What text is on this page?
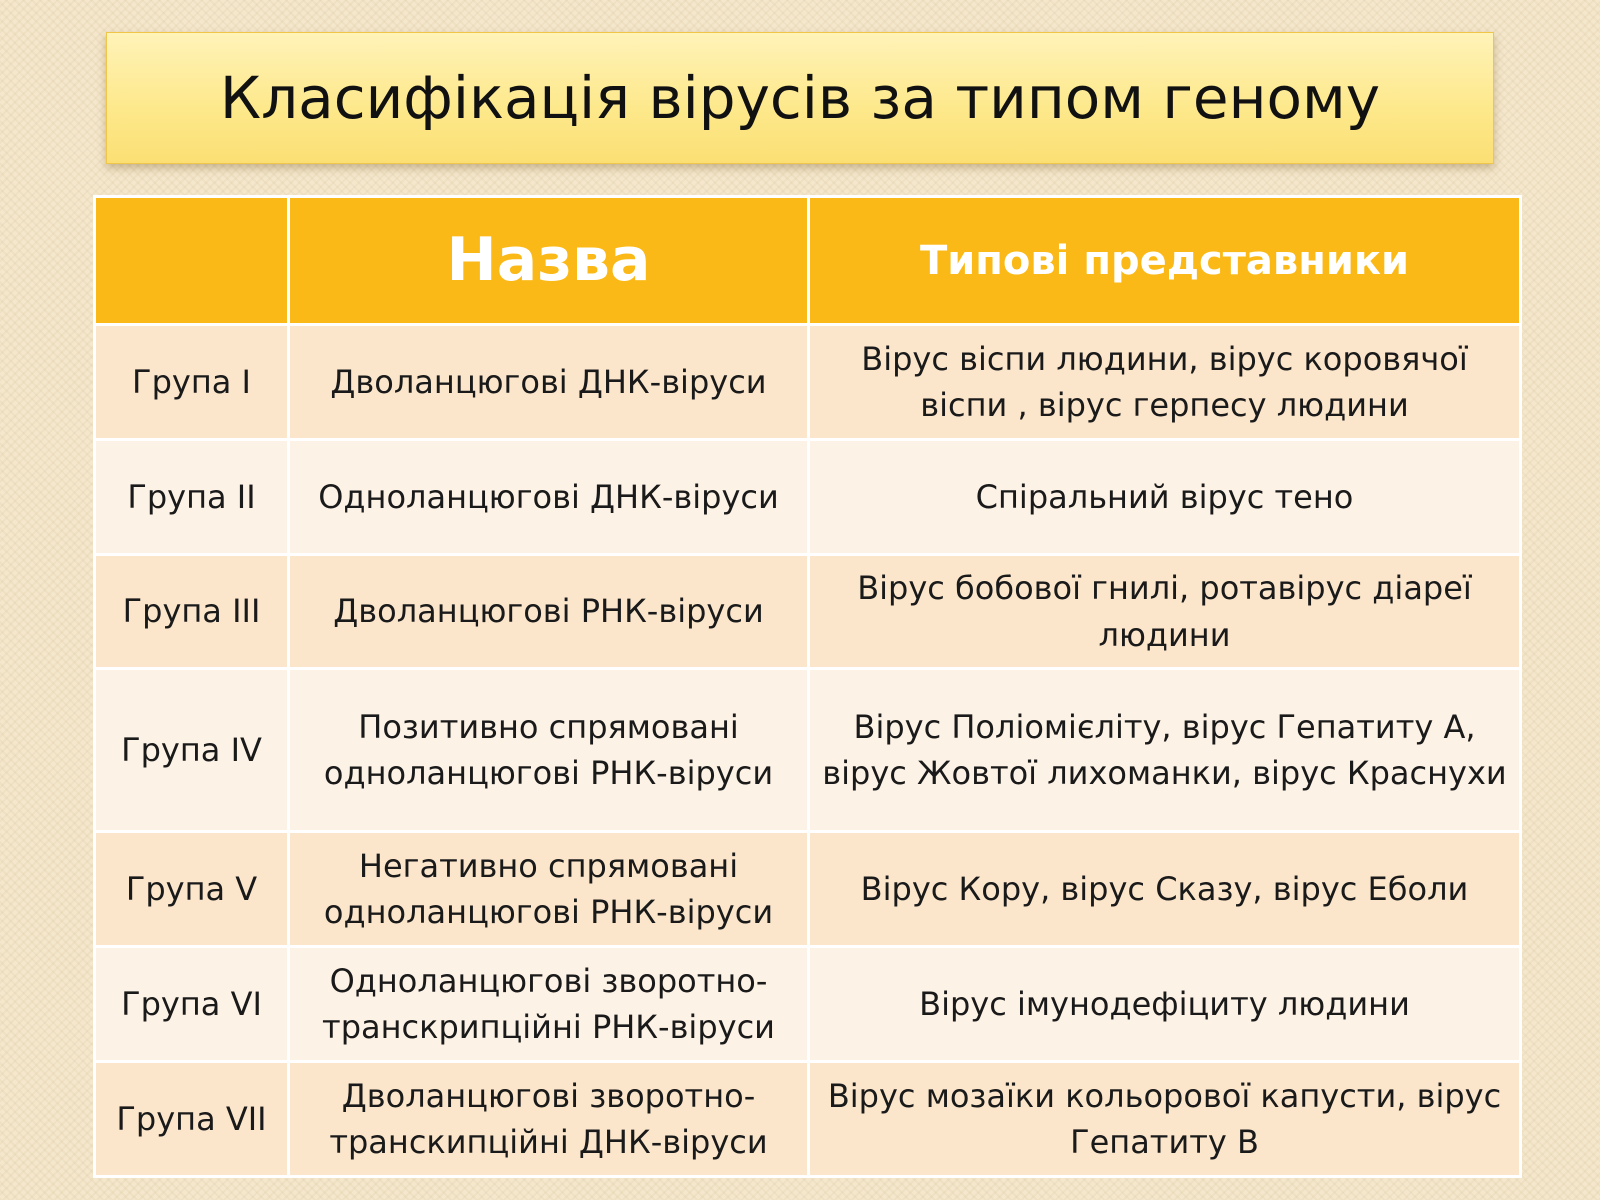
Класифікація вірусів за типом геному
	Назва	Типові представники
Група I	Дволанцюгові ДНК-віруси	Вірус віспи людини, вірус коровячої віспи , вірус герпесу людини
Група II	Одноланцюгові ДНК-віруси	Спіральний вірус тено
Група III	Дволанцюгові РНК-віруси	Вірус бобової гнилі, ротавірус діареї людини
Група IV	Позитивно спрямовані одноланцюгові РНК-віруси	Вірус Поліомієліту, вірус Гепатиту А, вірус Жовтої лихоманки, вірус Краснухи
Група V	Негативно спрямовані одноланцюгові РНК-віруси	Вірус Кору, вірус Сказу, вірус Еболи
Група VI	Одноланцюгові зворотно-транскрипційні РНК-віруси	Вірус імунодефіциту людини
Група VII	Дволанцюгові зворотно-транскипційні ДНК-віруси	Вірус мозаїки кольорової капусти, вірус Гепатиту В
